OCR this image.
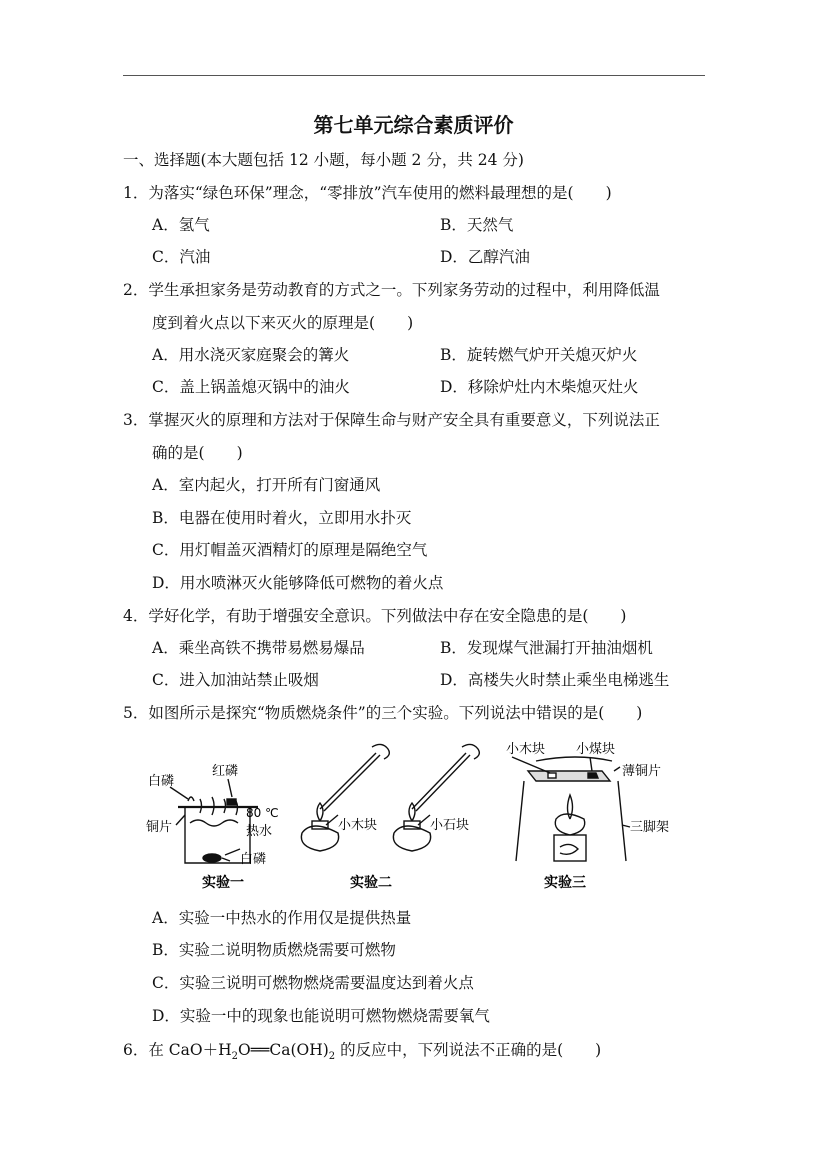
第七单元综合素质评价
一、选择题(本大题包括 12 小题，每小题 2 分，共 24 分)
1．为落实“绿色环保”理念，“零排放”汽车使用的燃料最理想的是( )
A．氢气	B．天然气
C．汽油	D．乙醇汽油
2．学生承担家务是劳动教育的方式之一。下列家务劳动的过程中，利用降低温
度到着火点以下来灭火的原理是( )
A．用水浇灭家庭聚会的篝火	B．旋转燃气炉开关熄灭炉火
C．盖上锅盖熄灭锅中的油火	D．移除炉灶内木柴熄灭灶火
3．掌握灭火的原理和方法对于保障生命与财产安全具有重要意义，下列说法正
确的是( )
A．室内起火，打开所有门窗通风
B．电器在使用时着火，立即用水扑灭
C．用灯帽盖灭酒精灯的原理是隔绝空气
D．用水喷淋灭火能够降低可燃物的着火点
4．学好化学，有助于增强安全意识。下列做法中存在安全隐患的是( )
A．乘坐高铁不携带易燃易爆品	B．发现煤气泄漏打开抽油烟机
C．进入加油站禁止吸烟	D．高楼失火时禁止乘坐电梯逃生
5．如图所示是探究“物质燃烧条件”的三个实验。下列说法中错误的是( )
白磷
红磷
铜片
80 ℃
热水
白磷
实验一
小木块	小石块
实验二
小木块 小煤块
薄铜片
三脚架
实验三
A．实验一中热水的作用仅是提供热量
B．实验二说明物质燃烧需要可燃物
C．实验三说明可燃物燃烧需要温度达到着火点
D．实验一中的现象也能说明可燃物燃烧需要氧气
6．在 $CaO+H_2O══Ca(OH)_2$ 的反应中，下列说法不正确的是( )
